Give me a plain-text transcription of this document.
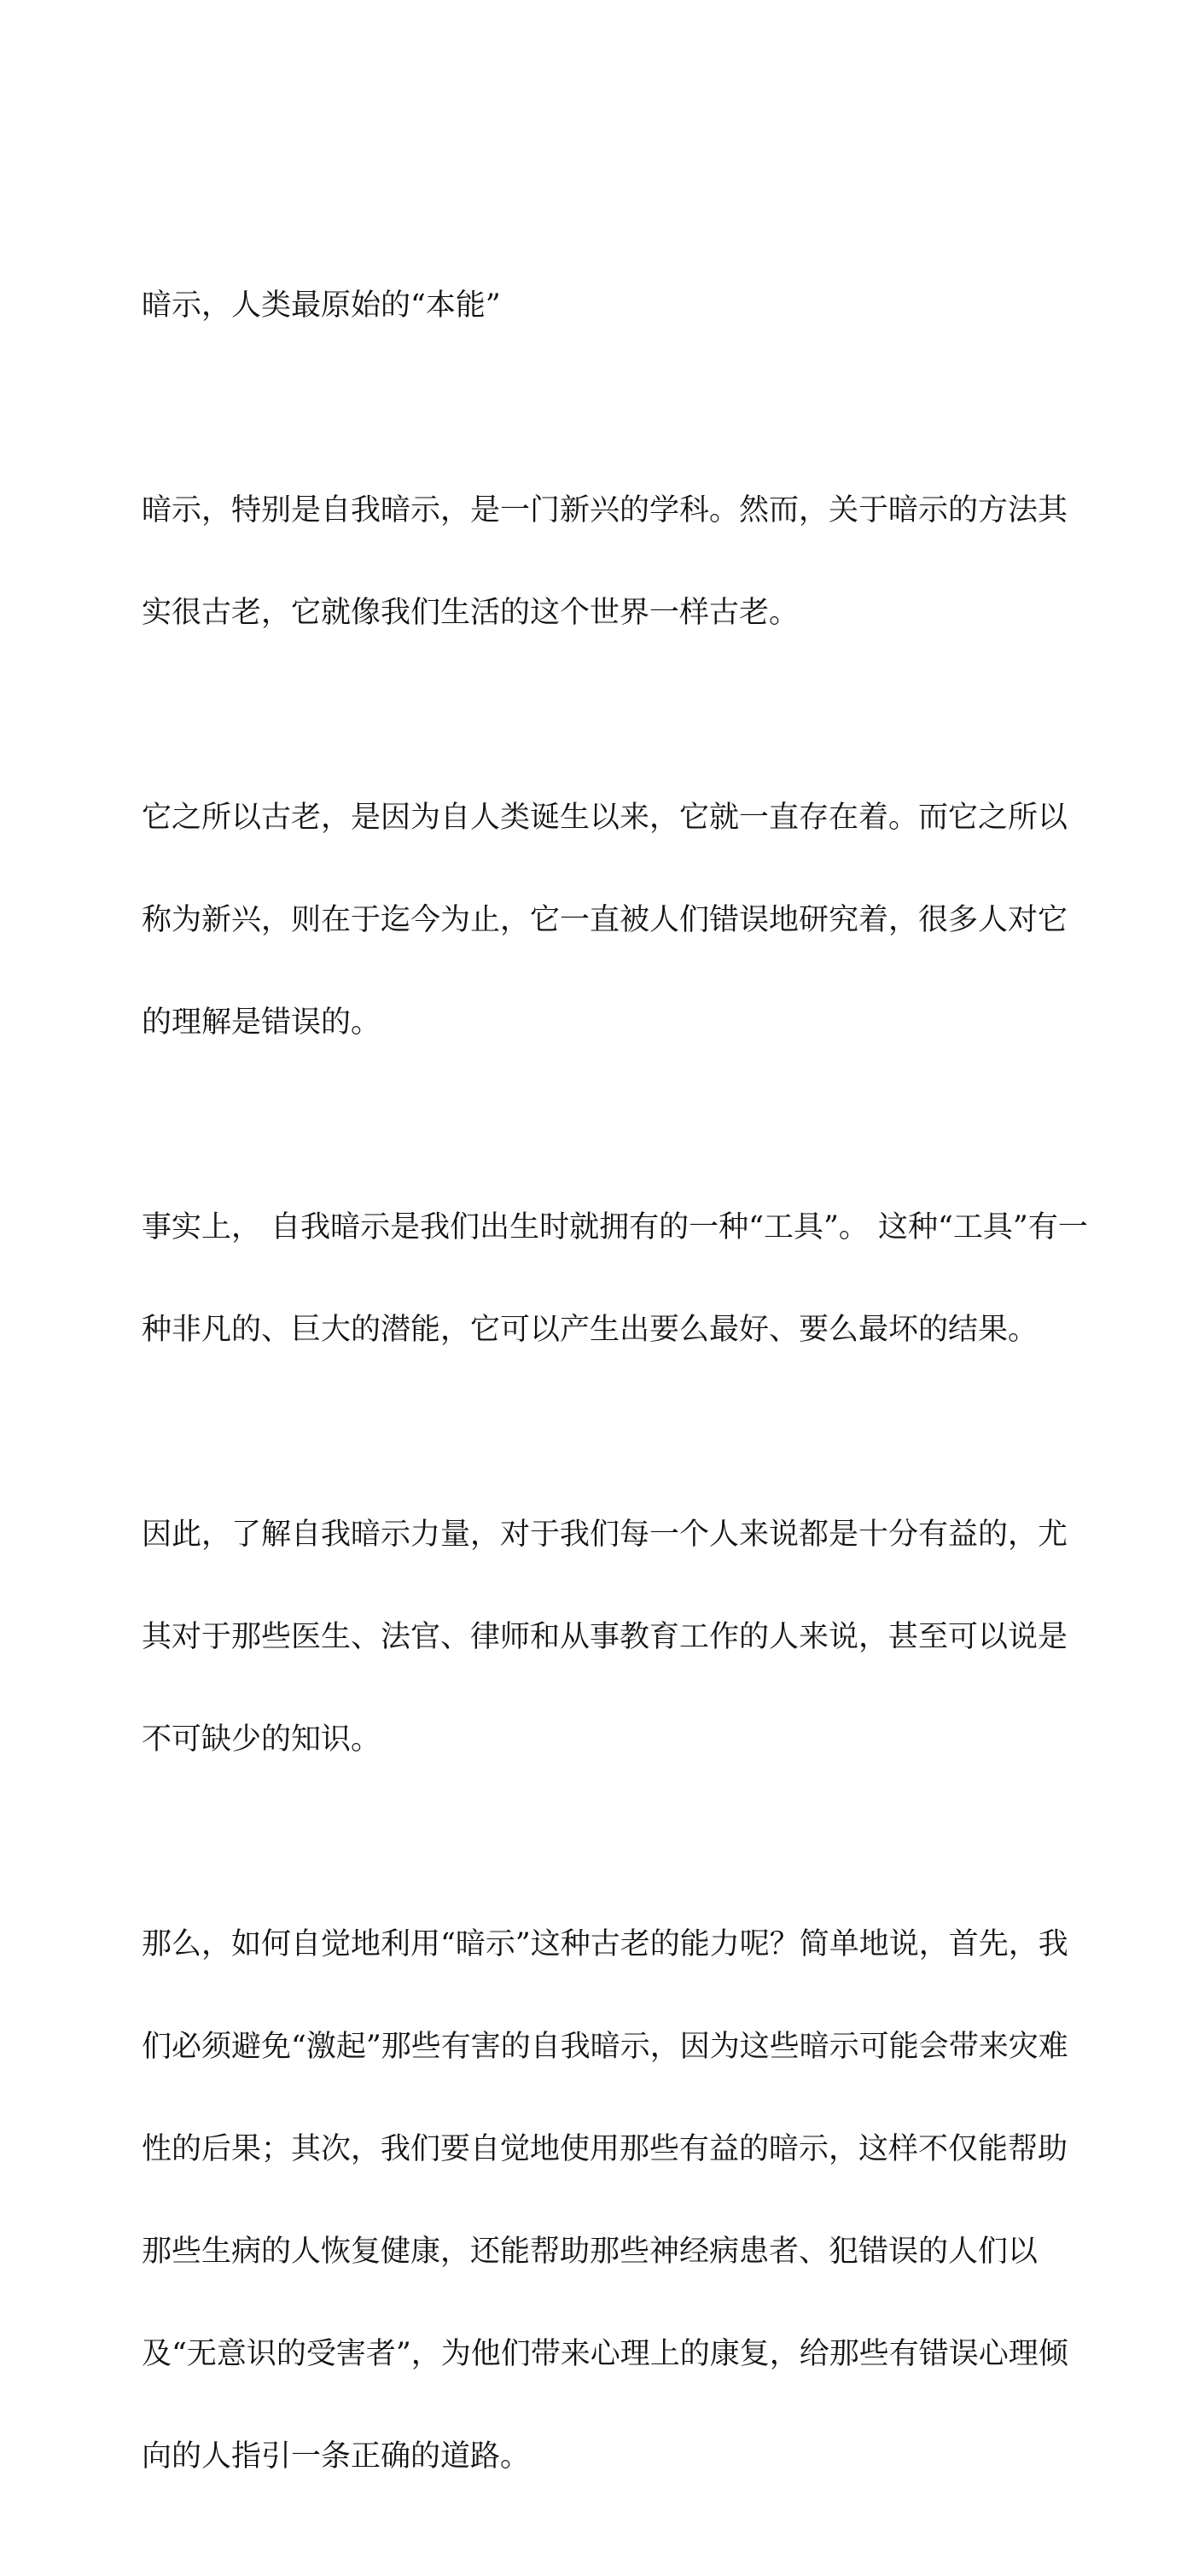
暗示，人类最原始的“本能”

暗示，特别是自我暗示，是一门新兴的学科。然而，关于暗示的方法其

实很古老，它就像我们生活的这个世界一样古老。

它之所以古老，是因为自人类诞生以来，它就一直存在着。而它之所以

称为新兴，则在于迄今为止，它一直被人们错误地研究着，很多人对它

的理解是错误的。

事实上， 自我暗示是我们出生时就拥有的一种“工具”。 这种“工具”有一

种非凡的、巨大的潜能，它可以产生出要么最好、要么最坏的结果。

因此，了解自我暗示力量，对于我们每一个人来说都是十分有益的，尤

其对于那些医生、法官、律师和从事教育工作的人来说，甚至可以说是

不可缺少的知识。

那么，如何自觉地利用“暗示”这种古老的能力呢？简单地说，首先，我

们必须避免“激起”那些有害的自我暗示，因为这些暗示可能会带来灾难

性的后果；其次，我们要自觉地使用那些有益的暗示，这样不仅能帮助

那些生病的人恢复健康，还能帮助那些神经病患者、犯错误的人们以

及“无意识的受害者”，为他们带来心理上的康复，给那些有错误心理倾

向的人指引一条正确的道路。
